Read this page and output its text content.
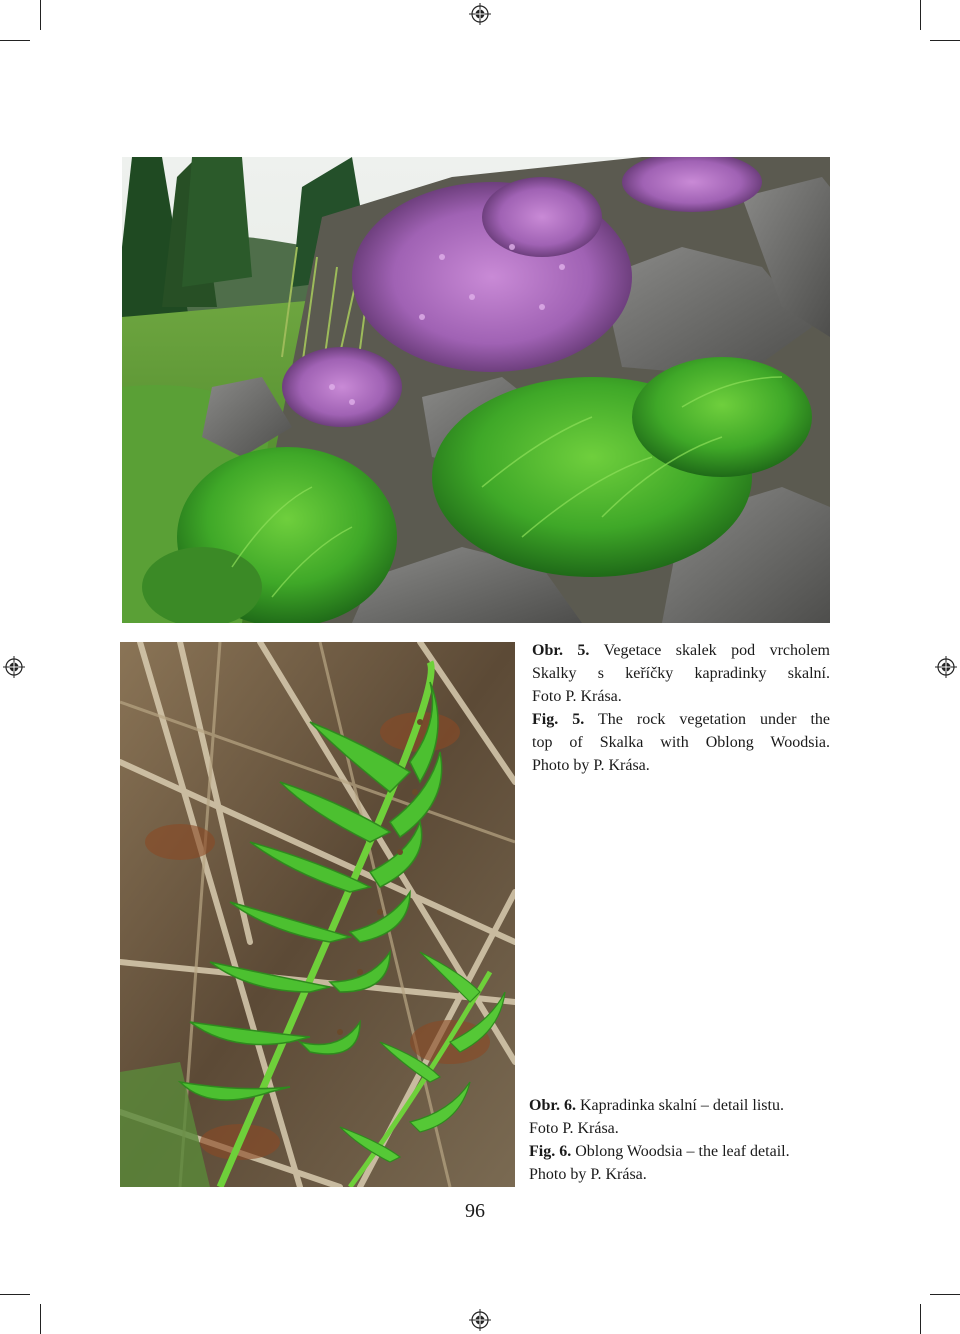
Obr. 5. Vegetace skalek pod vrcholem
Skalky s keříčky kapradinky skalní.
Foto P. Krása.
Fig. 5. The rock vegetation under the
top of Skalka with Oblong Woodsia.
Photo by P. Krása.
Obr. 6. Kapradinka skalní – detail listu.
Foto P. Krása.
Fig. 6. Oblong Woodsia – the leaf detail.
Photo by P. Krása.
96
